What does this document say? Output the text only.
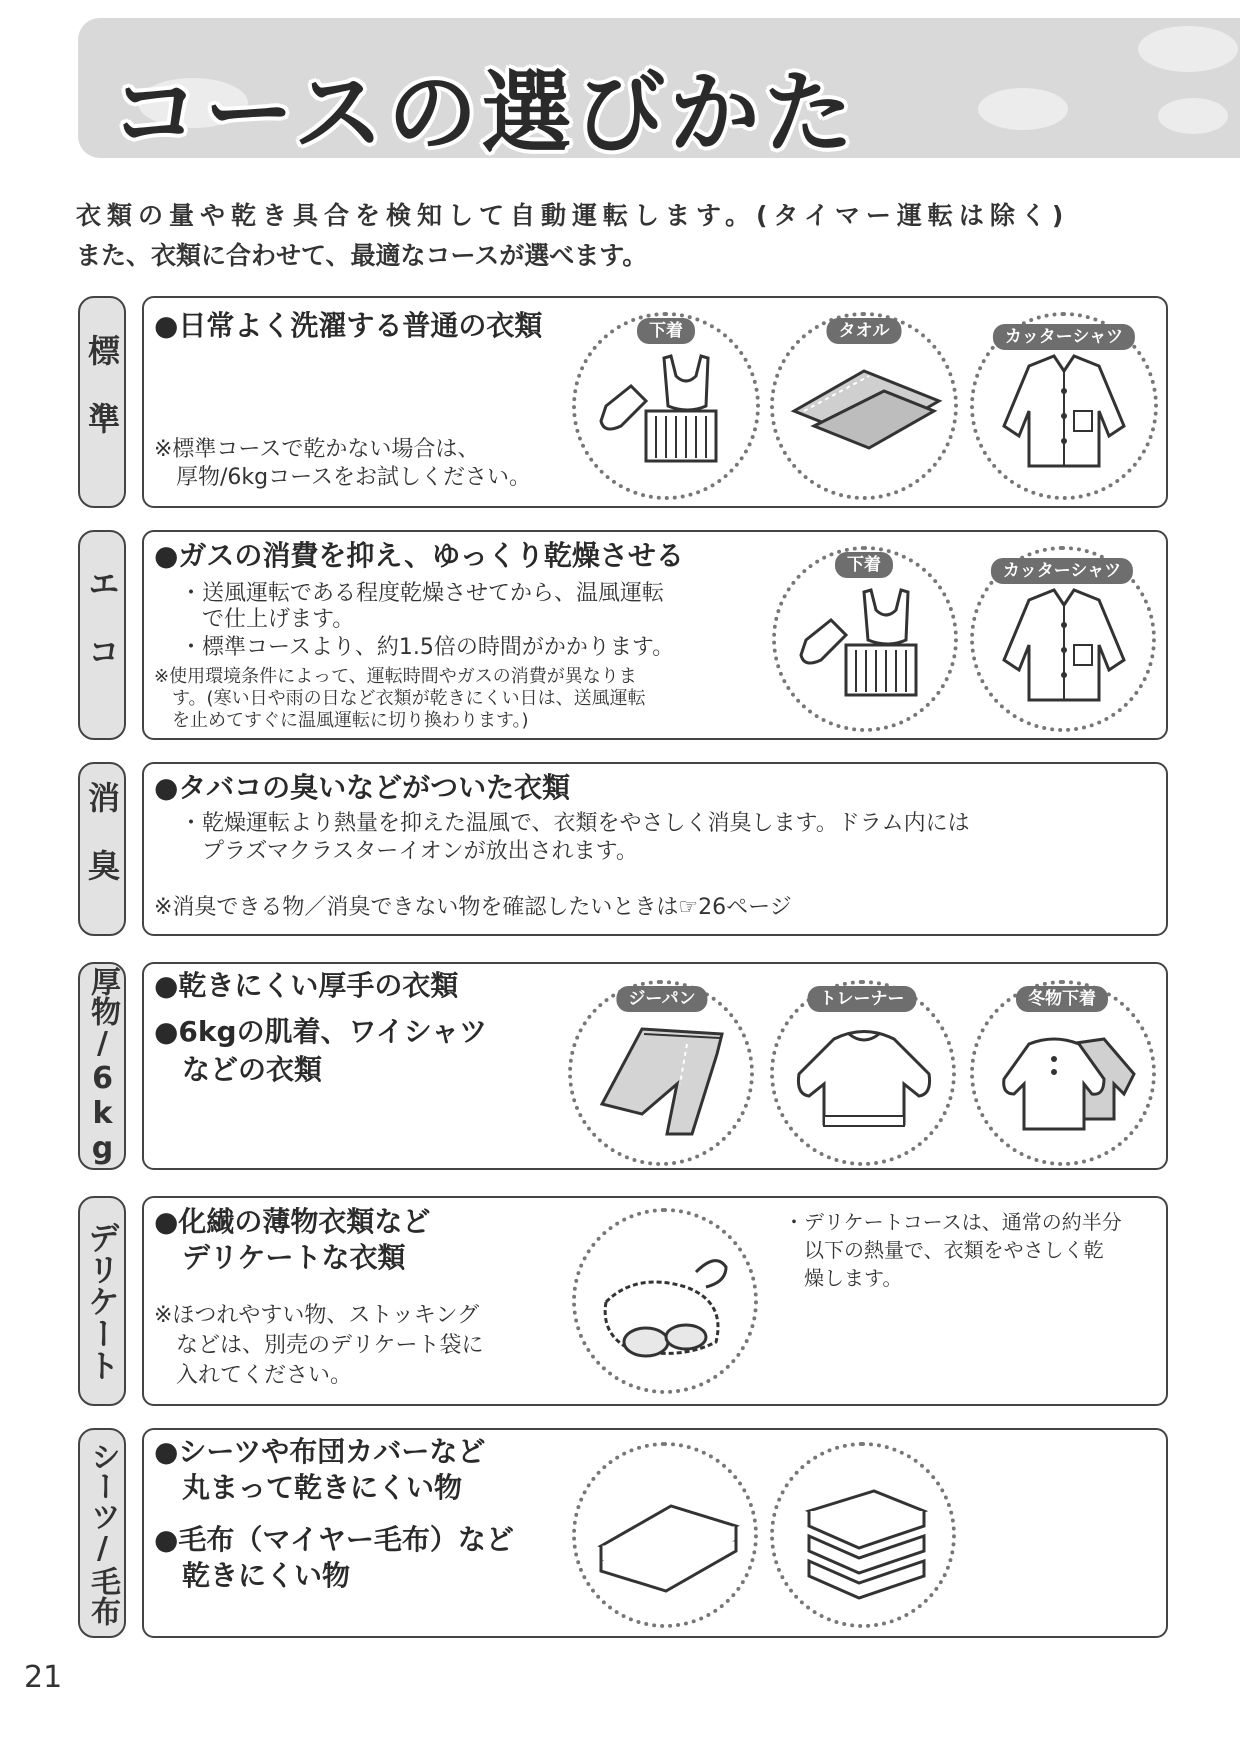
コースの選びかた
衣類の量や乾き具合を検知して自動運転します。(タイマー運転は除く)
また、衣類に合わせて、最適なコースが選べます。
標準
●日常よく洗濯する普通の衣類
※標準コースで乾かない場合は、
　厚物/6kgコースをお試しください。
下着	タオル	カッターシャツ
エコ
●ガスの消費を抑え、ゆっくり乾燥させる
・送風運転である程度乾燥させてから、温風運転
　で仕上げます。
・標準コースより、約1.5倍の時間がかかります。
※使用環境条件によって、運転時間やガスの消費が異なりま
　す。(寒い日や雨の日など衣類が乾きにくい日は、送風運転
　を止めてすぐに温風運転に切り換わります。)
下着	カッターシャツ
消臭 ●タバコの臭いなどがついた衣類
・乾燥運転より熱量を抑えた温風で、衣類をやさしく消臭します。ドラム内には
　プラズマクラスターイオンが放出されます。
※消臭できる物／消臭できない物を確認したいときは☞26ページ
厚物/6kg ●乾きにくい厚手の衣類
●6kgの肌着、ワイシャツ
　などの衣類
ジーパン	トレーナー	冬物下着
デリケート ●化繊の薄物衣類など
　デリケートな衣類
※ほつれやすい物、ストッキング
　などは、別売のデリケート袋に
　入れてください。
・デリケートコースは、通常の約半分
　以下の熱量で、衣類をやさしく乾
　燥します。
シーツ/毛布 ●シーツや布団カバーなど
　丸まって乾きにくい物
●毛布（マイヤー毛布）など
　乾きにくい物
21
